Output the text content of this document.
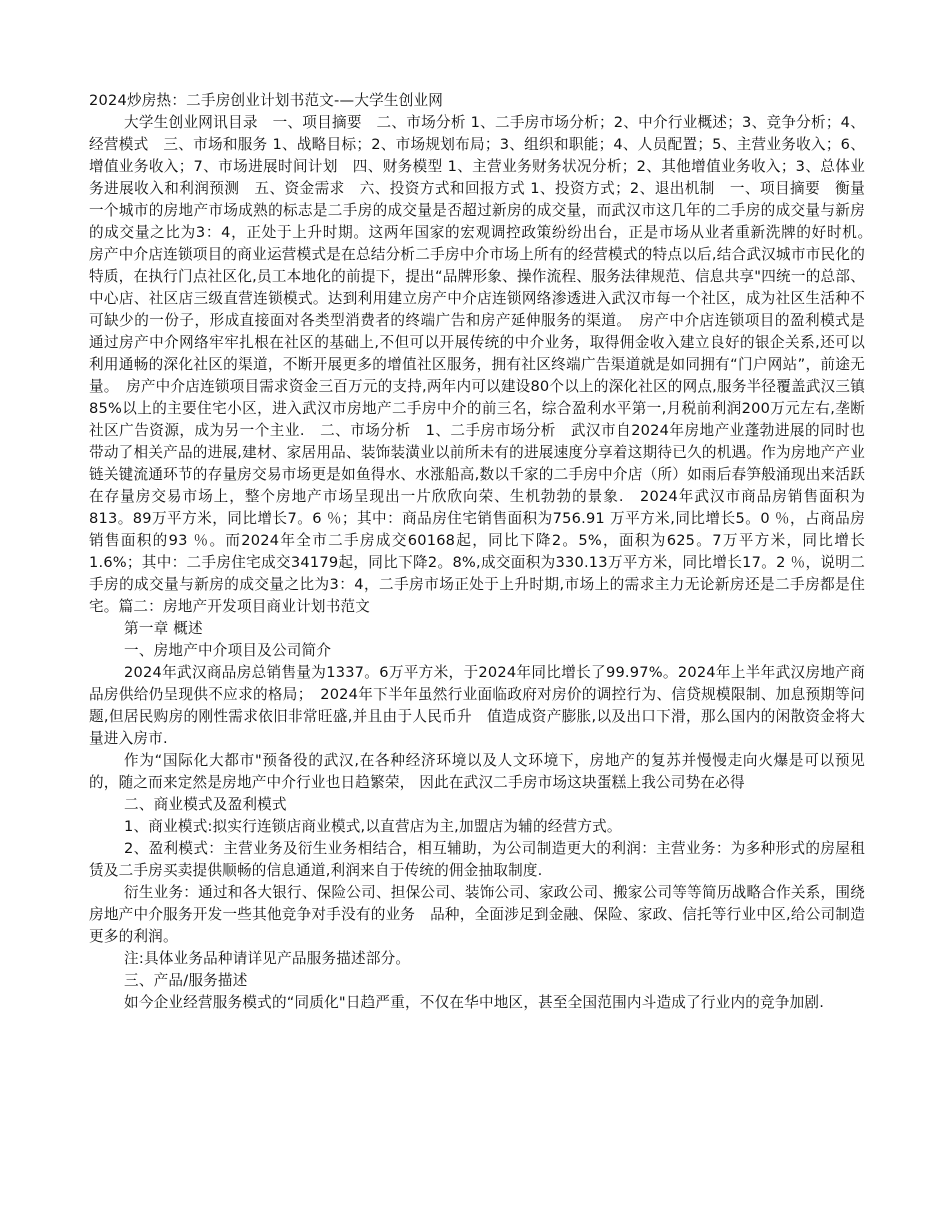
2024炒房热：二手房创业计划书范文-—大学生创业网

大学生创业网讯目录　一、项目摘要　二、市场分析 1、二手房市场分析；2、中介行业概述；3、竞争分析；4、经营模式　三、市场和服务 1、战略目标；2、市场规划布局；3、组织和职能；4、人员配置；5、主营业务收入；6、增值业务收入；7、市场进展时间计划　四、财务模型 1、主营业务财务状况分析；2、其他增值业务收入；3、总体业务进展收入和利润预测　五、资金需求　六、投资方式和回报方式 1、投资方式；2、退出机制　一、项目摘要　衡量一个城市的房地产市场成熟的标志是二手房的成交量是否超过新房的成交量，而武汉市这几年的二手房的成交量与新房的成交量之比为3：4，正处于上升时期。这两年国家的宏观调控政策纷纷出台，正是市场从业者重新洗牌的好时机。　房产中介店连锁项目的商业运营模式是在总结分析二手房中介市场上所有的经营模式的特点以后,结合武汉城市市民化的特质，在执行门点社区化,员工本地化的前提下，提出“品牌形象、操作流程、服务法律规范、信息共享"四统一的总部、中心店、社区店三级直营连锁模式。达到利用建立房产中介店连锁网络渗透进入武汉市每一个社区，成为社区生活种不可缺少的一份子，形成直接面对各类型消费者的终端广告和房产延伸服务的渠道。　房产中介店连锁项目的盈利模式是通过房产中介网络牢牢扎根在社区的基础上,不但可以开展传统的中介业务，取得佣金收入建立良好的银企关系,还可以利用通畅的深化社区的渠道，不断开展更多的增值社区服务，拥有社区终端广告渠道就是如同拥有“门户网站”，前途无量。　房产中介店连锁项目需求资金三百万元的支持,两年内可以建设80个以上的深化社区的网点,服务半径覆盖武汉三镇85%以上的主要住宅小区，进入武汉市房地产二手房中介的前三名，综合盈利水平第一,月税前利润200万元左右,垄断社区广告资源，成为另一个主业.　二、市场分析　1、二手房市场分析　武汉市自2024年房地产业蓬勃进展的同时也带动了相关产品的进展,建材、家居用品、装饰装潢业以前所未有的进展速度分享着这期待已久的机遇。作为房地产产业链关键流通环节的存量房交易市场更是如鱼得水、水涨船高,数以千家的二手房中介店（所）如雨后春笋般涌现出来活跃在存量房交易市场上，整个房地产市场呈现出一片欣欣向荣、生机勃勃的景象.　2024年武汉市商品房销售面积为813。89万平方米，同比增长7。6 ％；其中：商品房住宅销售面积为756.91 万平方米,同比增长5。0 ％，占商品房销售面积的93 ％。而2024年全市二手房成交60168起，同比下降2。5%，面积为625。7万平方米，同比增长1.6%；其中：二手房住宅成交34179起，同比下降2。8%,成交面积为330.13万平方米，同比增长17。2 ％，说明二手房的成交量与新房的成交量之比为3：4，二手房市场正处于上升时期,市场上的需求主力无论新房还是二手房都是住宅。篇二：房地产开发项目商业计划书范文

第一章 概述

一、房地产中介项目及公司简介

2024年武汉商品房总销售量为1337。6万平方米，于2024年同比增长了99.97%。2024年上半年武汉房地产商品房供给仍呈现供不应求的格局；　2024年下半年虽然行业面临政府对房价的调控行为、信贷规模限制、加息预期等问题,但居民购房的刚性需求依旧非常旺盛,并且由于人民币升　值造成资产膨胀,以及出口下滑，那么国内的闲散资金将大量进入房市.

作为“国际化大都市"预备役的武汉,在各种经济环境以及人文环境下，房地产的复苏并慢慢走向火爆是可以预见的，随之而来定然是房地产中介行业也日趋繁荣， 因此在武汉二手房市场这块蛋糕上我公司势在必得

二、商业模式及盈利模式

1、商业模式:拟实行连锁店商业模式,以直营店为主,加盟店为辅的经营方式。

2、盈利模式：主营业务及衍生业务相结合，相互辅助，为公司制造更大的利润：主营业务：为多种形式的房屋租赁及二手房买卖提供顺畅的信息通道,利润来自于传统的佣金抽取制度.

衍生业务：通过和各大银行、保险公司、担保公司、装饰公司、家政公司、搬家公司等等简历战略合作关系，围绕房地产中介服务开发一些其他竞争对手没有的业务　品种，全面涉足到金融、保险、家政、信托等行业中区,给公司制造更多的利润。

注:具体业务品种请详见产品服务描述部分。

三、产品/服务描述

如今企业经营服务模式的“同质化"日趋严重，不仅在华中地区，甚至全国范围内斗造成了行业内的竞争加剧.
